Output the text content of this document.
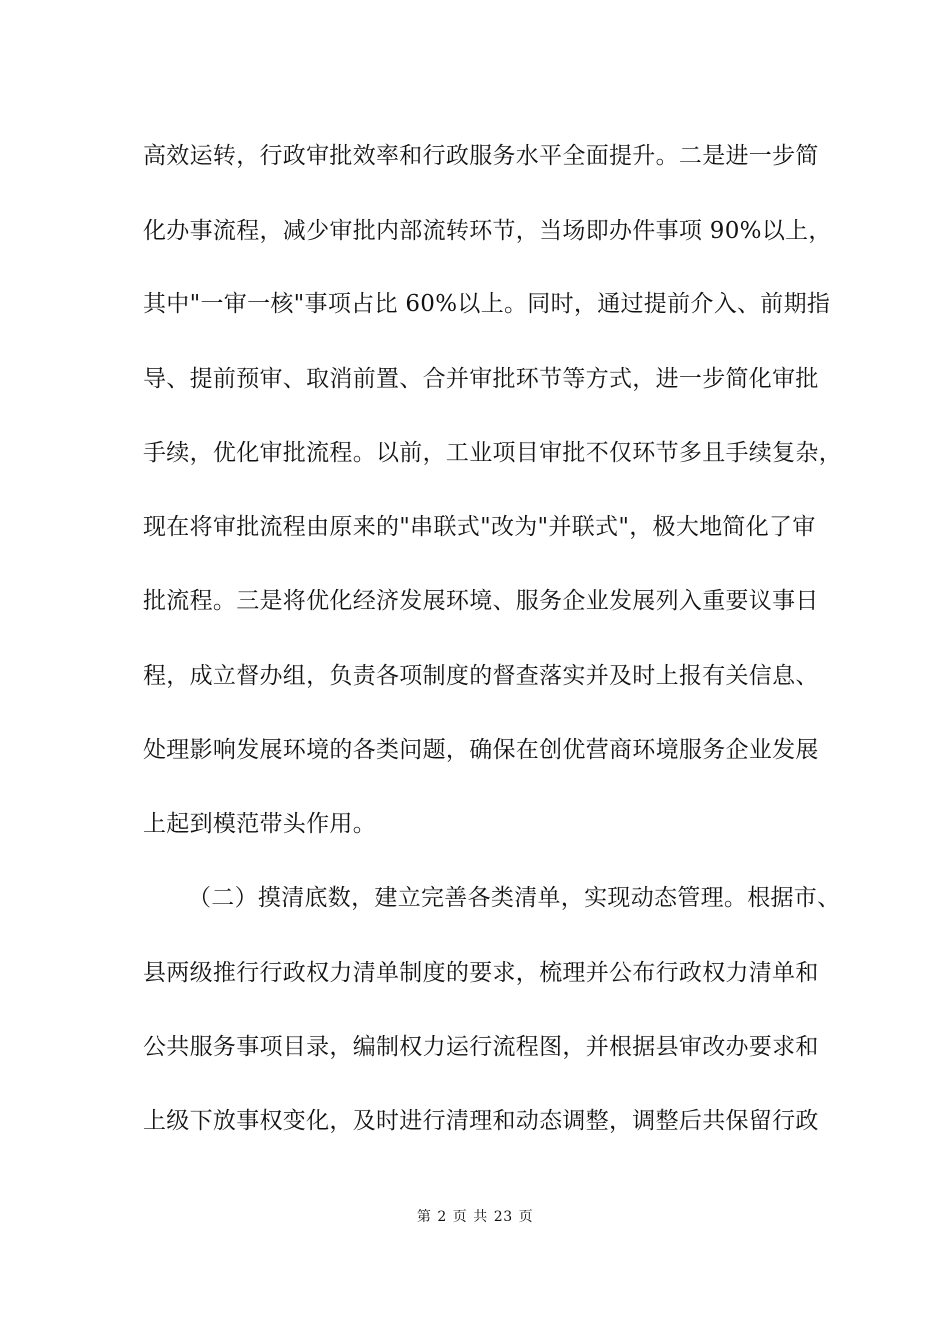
高效运转，行政审批效率和行政服务水平全面提升。二是进一步简
化办事流程，减少审批内部流转环节，当场即办件事项 90%以上，
其中"一审一核"事项占比 60%以上。同时，通过提前介入、前期指
导、提前预审、取消前置、合并审批环节等方式，进一步简化审批
手续，优化审批流程。以前，工业项目审批不仅环节多且手续复杂，
现在将审批流程由原来的"串联式"改为"并联式"，极大地简化了审
批流程。三是将优化经济发展环境、服务企业发展列入重要议事日
程，成立督办组，负责各项制度的督查落实并及时上报有关信息、
处理影响发展环境的各类问题，确保在创优营商环境服务企业发展
上起到模范带头作用。
（二）摸清底数，建立完善各类清单，实现动态管理。根据市、
县两级推行行政权力清单制度的要求，梳理并公布行政权力清单和
公共服务事项目录，编制权力运行流程图，并根据县审改办要求和
上级下放事权变化，及时进行清理和动态调整，调整后共保留行政
第 2 页 共 23 页
